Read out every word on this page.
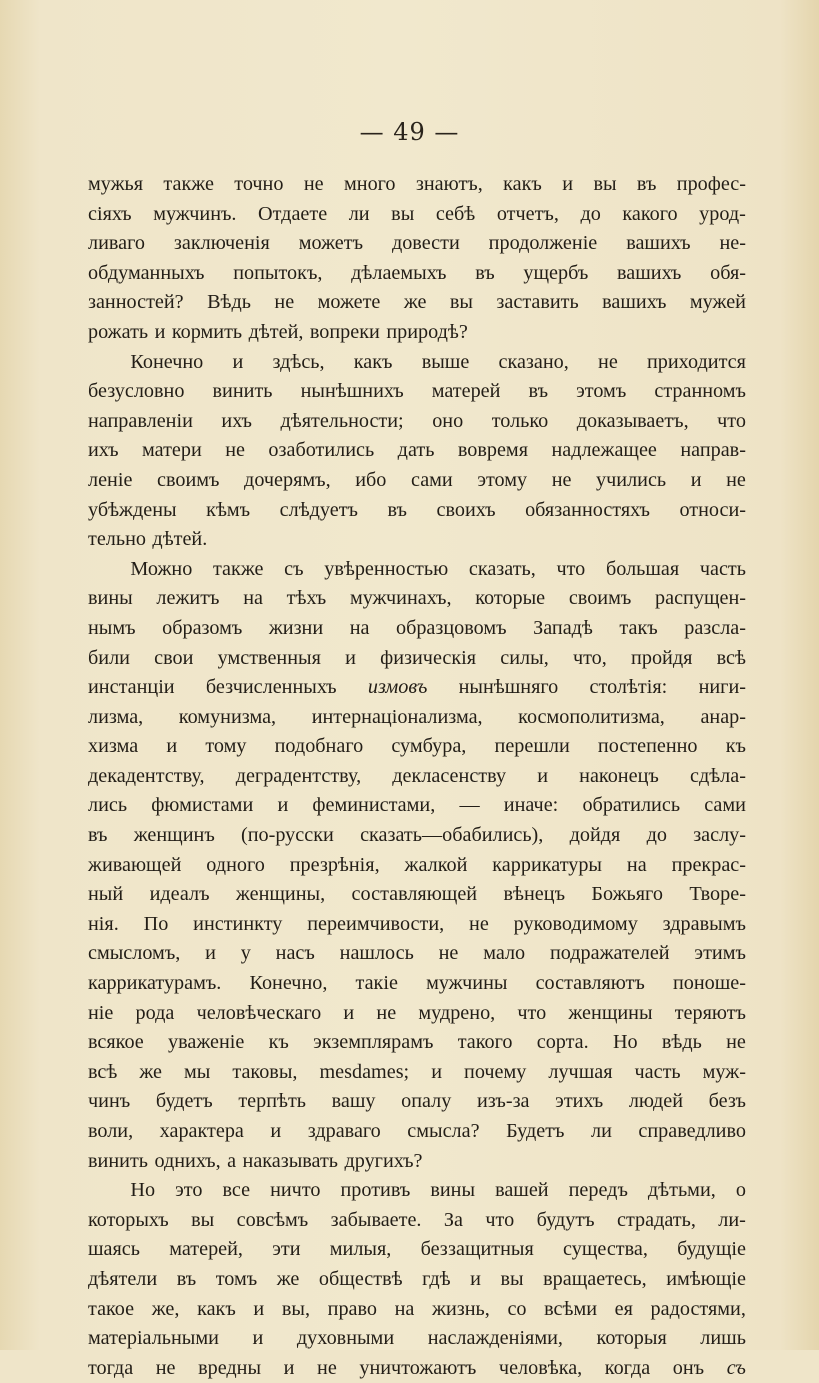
— 49 —
мужья также точно не много знаютъ, какъ и вы въ профес-
сіяхъ мужчинъ. Отдаете ли вы себѣ отчетъ, до какого урод-
ливаго заключенія можетъ довести продолженіе вашихъ не-
обдуманныхъ попытокъ, дѣлаемыхъ въ ущербъ вашихъ обя-
занностей? Вѣдь не можете же вы заставить вашихъ мужей
рожать и кормить дѣтей, вопреки природѣ?
Конечно и здѣсь, какъ выше сказано, не приходится
безусловно винить нынѣшнихъ матерей въ этомъ странномъ
направленіи ихъ дѣятельности; оно только доказываетъ, что
ихъ матери не озаботились дать вовремя надлежащее направ-
леніе своимъ дочерямъ, ибо сами этому не учились и не
убѣждены кѣмъ слѣдуетъ въ своихъ обязанностяхъ относи-
тельно дѣтей.
Можно также съ увѣренностью сказать, что большая часть
вины лежитъ на тѣхъ мужчинахъ, которые своимъ распущен-
нымъ образомъ жизни на образцовомъ Западѣ такъ разсла-
били свои умственныя и физическія силы, что, пройдя всѣ
инстанціи безчисленныхъ измовъ нынѣшняго столѣтія: ниги-
лизма, комунизма, интернаціонализма, космополитизма, анар-
хизма и тому подобнаго сумбура, перешли постепенно къ
декадентству, деградентству, декласенству и наконецъ сдѣла-
лись фюмистами и феминистами, — иначе: обратились сами
въ женщинъ (по-русски сказать—обабились), дойдя до заслу-
живающей одного презрѣнія, жалкой каррикатуры на прекрас-
ный идеалъ женщины, составляющей вѣнецъ Божьяго Творе-
нія. По инстинкту переимчивости, не руководимому здравымъ
смысломъ, и у насъ нашлось не мало подражателей этимъ
каррикатурамъ. Конечно, такіе мужчины составляютъ поноше-
ніе рода человѣческаго и не мудрено, что женщины теряютъ
всякое уваженіе къ экземплярамъ такого сорта. Но вѣдь не
всѣ же мы таковы, mesdames; и почему лучшая часть муж-
чинъ будетъ терпѣть вашу опалу изъ-за этихъ людей безъ
воли, характера и здраваго смысла? Будетъ ли справедливо
винить однихъ, а наказывать другихъ?
Но это все ничто противъ вины вашей передъ дѣтьми, о
которыхъ вы совсѣмъ забываете. За что будутъ страдать, ли-
шаясь матерей, эти милыя, беззащитныя существа, будущіе
дѣятели въ томъ же обществѣ гдѣ и вы вращаетесь, имѣющіе
такое же, какъ и вы, право на жизнь, со всѣми ея радостями,
матеріальными и духовными наслажденіями, которыя лишь
тогда не вредны и не уничтожаютъ человѣка, когда онъ съ
